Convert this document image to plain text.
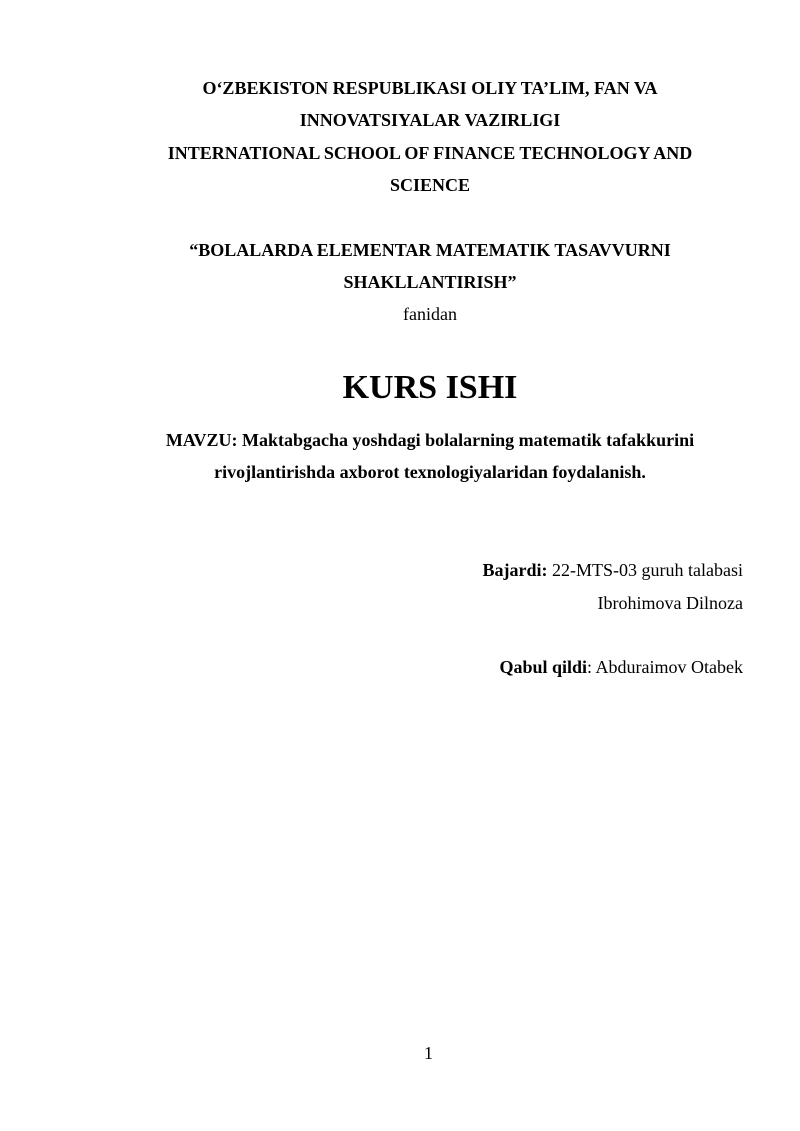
O‘ZBEKISTON RESPUBLIKASI OLIY TA’LIM, FAN VA
INNOVATSIYALAR VAZIRLIGI
INTERNATIONAL SCHOOL OF FINANCE TECHNOLOGY AND
SCIENCE
“BOLALARDA ELEMENTAR MATEMATIK TASAVVURNI
SHAKLLANTIRISH”
fanidan
KURS ISHI
MAVZU: Maktabgacha yoshdagi bolalarning matematik tafakkurini
rivojlantirishda axborot texnologiyalaridan foydalanish.
Bajardi: 22-MTS-03 guruh talabasi
Ibrohimova Dilnoza
Qabul qildi: Abduraimov Otabek
1
